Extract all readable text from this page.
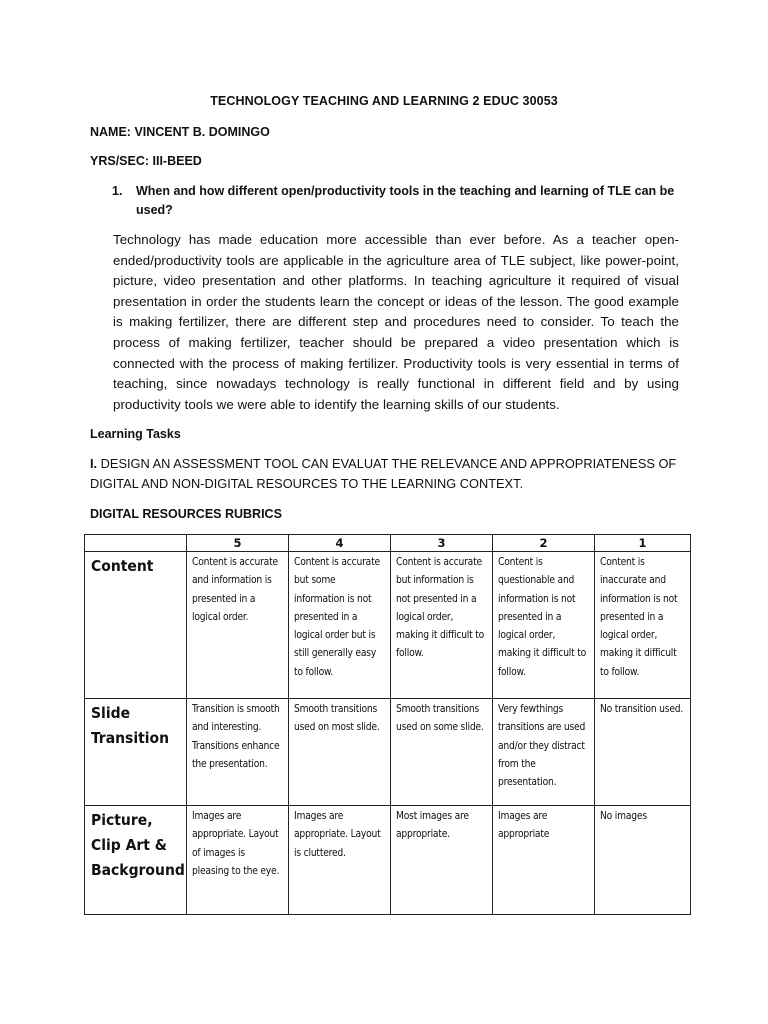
TECHNOLOGY TEACHING AND LEARNING 2 EDUC 30053
NAME: VINCENT B. DOMINGO
YRS/SEC: III-BEED
1. When and how different open/productivity tools in the teaching and learning of TLE can be used?
Technology has made education more accessible than ever before. As a teacher open-ended/productivity tools are applicable in the agriculture area of TLE subject, like power-point, picture, video presentation and other platforms. In teaching agriculture it required of visual presentation in order the students learn the concept or ideas of the lesson. The good example is making fertilizer, there are different step and procedures need to consider. To teach the process of making fertilizer, teacher should be prepared a video presentation which is connected with the process of making fertilizer. Productivity tools is very essential in terms of teaching, since nowadays technology is really functional in different field and by using productivity tools we were able to identify the learning skills of our students.
Learning Tasks
I. DESIGN AN ASSESSMENT TOOL CAN EVALUAT THE RELEVANCE AND APPROPRIATENESS OF DIGITAL AND NON-DIGITAL RESOURCES TO THE LEARNING CONTEXT.
DIGITAL RESOURCES RUBRICS
	5	4	3	2	1
Content	Content is accurate and information is presented in a logical order.	Content is accurate but some information is not presented in a logical order but is still generally easy to follow.	Content is accurate but information is not presented in a logical order, making it difficult to follow.	Content is questionable and information is not presented in a logical order, making it difficult to follow.	Content is inaccurate and information is not presented in a logical order, making it difficult to follow.
Slide Transition	Transition is smooth and interesting. Transitions enhance the presentation.	Smooth transitions used on most slide.	Smooth transitions used on some slide.	Very fewthings transitions are used and/or they distract from the presentation.	No transition used.
Picture, Clip Art & Background	Images are appropriate. Layout of images is pleasing to the eye.	Images are appropriate. Layout is cluttered.	Most images are appropriate.	Images are appropriate	No images
